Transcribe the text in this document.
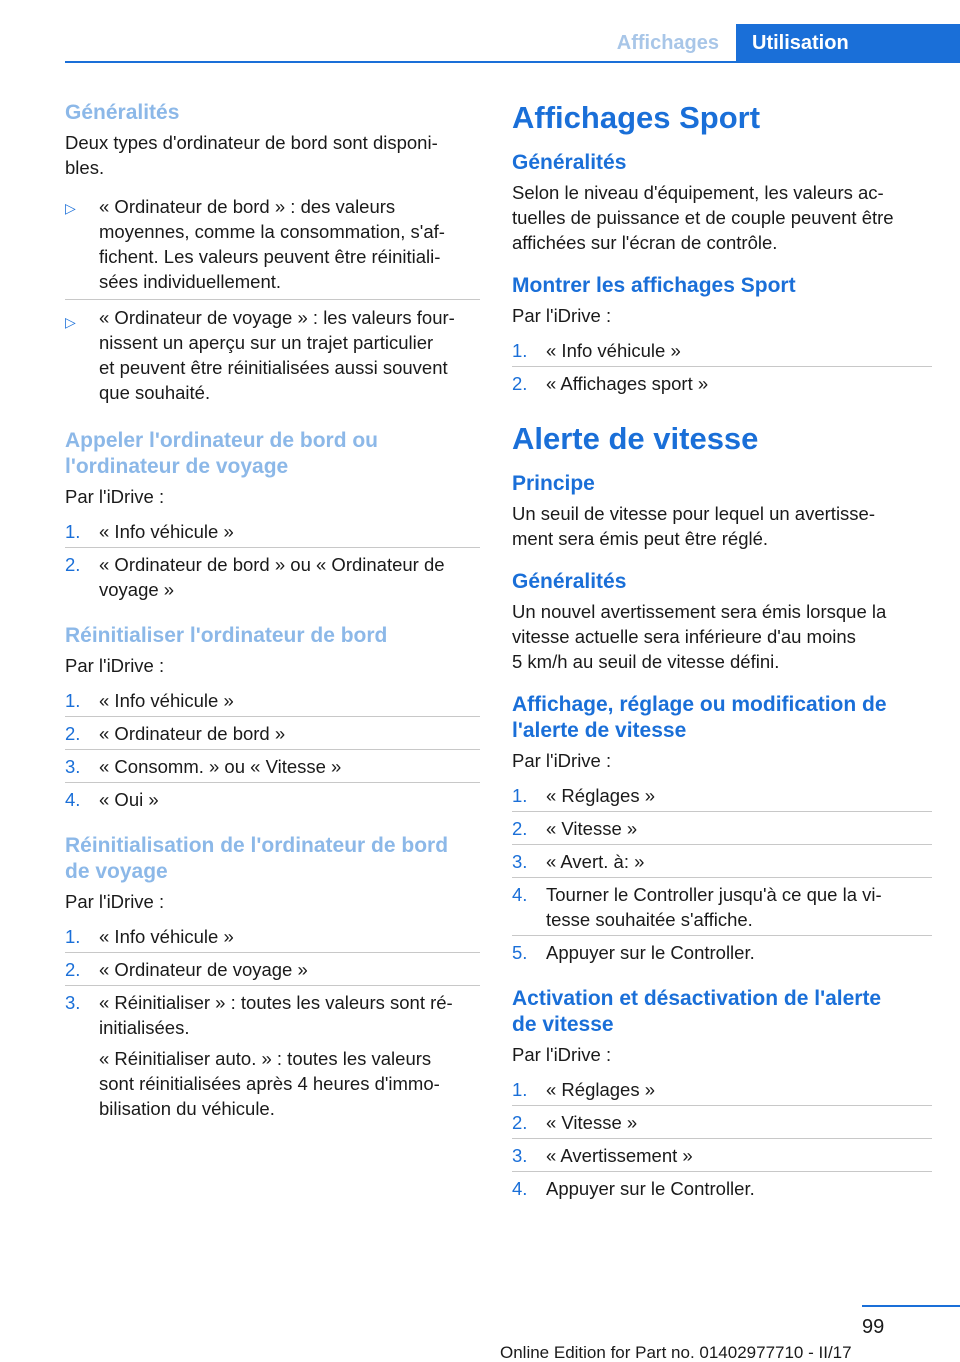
Affichages	Utilisation
Généralités

Deux types d'ordinateur de bord sont disponi-
bles.

▷ « Ordinateur de bord » : des valeurs
moyennes, comme la consommation, s'af-
fichent. Les valeurs peuvent être réinitiali-
sées individuellement.
▷ « Ordinateur de voyage » : les valeurs four-
nissent un aperçu sur un trajet particulier
et peuvent être réinitialisées aussi souvent
que souhaité.
Appeler l'ordinateur de bord ou
l'ordinateur de voyage

Par l'iDrive :

1. « Info véhicule »
2. « Ordinateur de bord » ou « Ordinateur de
voyage »
Réinitialiser l'ordinateur de bord

Par l'iDrive :

1. « Info véhicule »
2. « Ordinateur de bord »
3. « Consomm. » ou « Vitesse »
4. « Oui »
Réinitialisation de l'ordinateur de bord
de voyage

Par l'iDrive :

1. « Info véhicule »
2. « Ordinateur de voyage »
3. « Réinitialiser » : toutes les valeurs sont ré-
initialisées.
« Réinitialiser auto. » : toutes les valeurs
sont réinitialisées après 4 heures d'immo-
bilisation du véhicule.
Affichages Sport
Généralités

Selon le niveau d'équipement, les valeurs ac-
tuelles de puissance et de couple peuvent être
affichées sur l'écran de contrôle.

Montrer les affichages Sport

Par l'iDrive :

1. « Info véhicule »
2. « Affichages sport »
Alerte de vitesse
Principe

Un seuil de vitesse pour lequel un avertisse-
ment sera émis peut être réglé.

Généralités

Un nouvel avertissement sera émis lorsque la
vitesse actuelle sera inférieure d'au moins
5 km/h au seuil de vitesse défini.

Affichage, réglage ou modification de
l'alerte de vitesse

Par l'iDrive :

1. « Réglages »
2. « Vitesse »
3. « Avert. à: »
4. Tourner le Controller jusqu'à ce que la vi-
tesse souhaitée s'affiche.
5. Appuyer sur le Controller.
Activation et désactivation de l'alerte
de vitesse

Par l'iDrive :

1. « Réglages »
2. « Vitesse »
3. « Avertissement »
4. Appuyer sur le Controller.
99
Online Edition for Part no. 01402977710 - II/17
